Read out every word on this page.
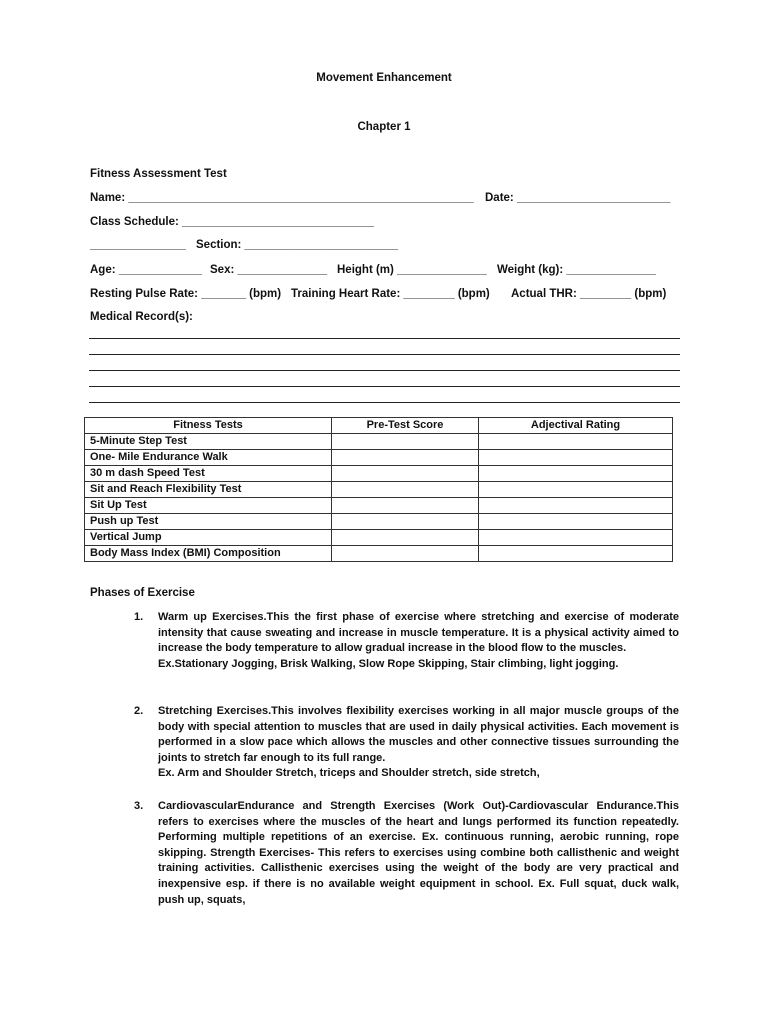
Movement Enhancement
Chapter 1
Fitness Assessment Test
Name: ______________________________________________________ Date: ________________________
Class Schedule: ______________________________
_______________ Section: ________________________
Age: _____________ Sex: ______________ Height (m) ______________ Weight (kg): ______________
Resting Pulse Rate: _______ (bpm) Training Heart Rate: ________ (bpm) Actual THR: ________ (bpm)
Medical Record(s):
Fitness Tests	Pre-Test Score	Adjectival Rating
5-Minute Step Test		
One- Mile Endurance Walk		
30 m dash Speed Test		
Sit and Reach Flexibility Test		
Sit Up Test		
Push up Test		
Vertical Jump		
Body Mass Index (BMI) Composition		
Phases of Exercise
1.	Warm up Exercises.This the first phase of exercise where stretching and exercise of moderate intensity that cause sweating and increase in muscle temperature. It is a physical activity aimed to increase the body temperature to allow gradual increase in the blood flow to the muscles.

Ex.Stationary Jogging, Brisk Walking, Slow Rope Skipping, Stair climbing, light jogging.

2.	Stretching Exercises.This involves flexibility exercises working in all major muscle groups of the body with special attention to muscles that are used in daily physical activities. Each movement is performed in a slow pace which allows the muscles and other connective tissues surrounding the joints to stretch far enough to its full range.

Ex. Arm and Shoulder Stretch, triceps and Shoulder stretch, side stretch,

3.	CardiovascularEndurance and Strength Exercises (Work Out)-Cardiovascular Endurance.This refers to exercises where the muscles of the heart and lungs performed its function repeatedly. Performing multiple repetitions of an exercise. Ex. continuous running, aerobic running, rope skipping. Strength Exercises- This refers to exercises using combine both callisthenic and weight training activities. Callisthenic exercises using the weight of the body are very practical and inexpensive esp. if there is no available weight equipment in school. Ex. Full squat, duck walk, push up, squats,
